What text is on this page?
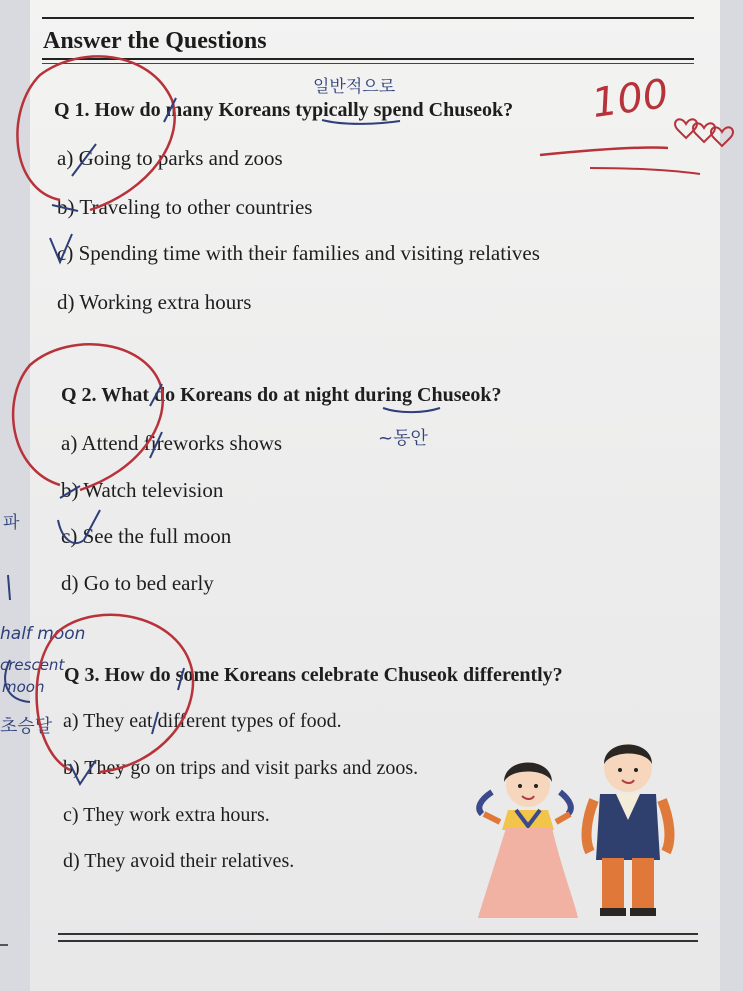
Answer the Questions
Q 1. How do many Koreans typically spend Chuseok?
a) Going to parks and zoos
b) Traveling to other countries
c) Spending time with their families and visiting relatives
d) Working extra hours
Q 2. What do Koreans do at night during Chuseok?
a) Attend fireworks shows
b) Watch television
c) See the full moon
d) Go to bed early
Q 3. How do some Koreans celebrate Chuseok differently?
a) They eat different types of food.
b) They go on trips and visit parks and zoos.
c) They work extra hours.
d) They avoid their relatives.
일반적으로
~동안
파
half moon
crescent
moon
초승달
100
